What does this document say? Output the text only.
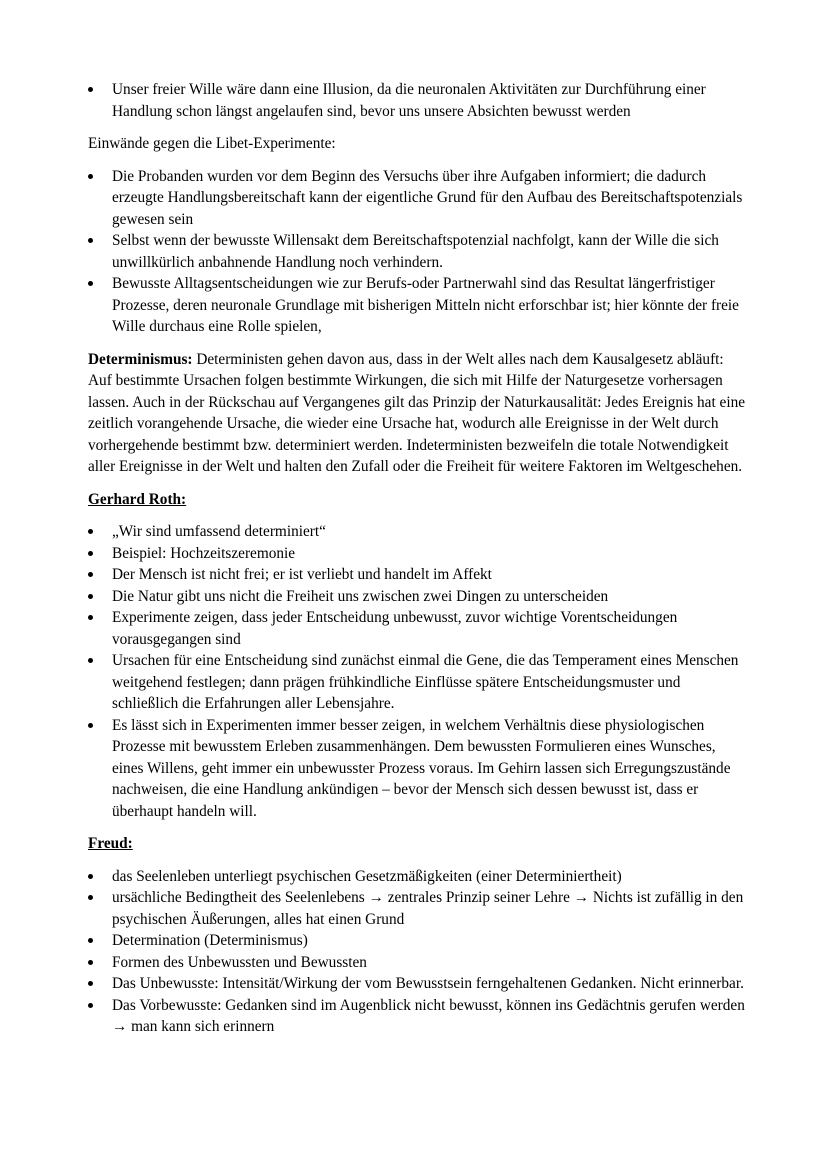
Unser freier Wille wäre dann eine Illusion, da die neuronalen Aktivitäten zur Durchführung einer Handlung schon längst angelaufen sind, bevor uns unsere Absichten bewusst werden

Einwände gegen die Libet-Experimente:

Die Probanden wurden vor dem Beginn des Versuchs über ihre Aufgaben informiert; die dadurch erzeugte Handlungsbereitschaft kann der eigentliche Grund für den Aufbau des Bereitschaftspotenzials gewesen sein
Selbst wenn der bewusste Willensakt dem Bereitschaftspotenzial nachfolgt, kann der Wille die sich unwillkürlich anbahnende Handlung noch verhindern.
Bewusste Alltagsentscheidungen wie zur Berufs-oder Partnerwahl sind das Resultat längerfristiger Prozesse, deren neuronale Grundlage mit bisherigen Mitteln nicht erforschbar ist; hier könnte der freie Wille durchaus eine Rolle spielen,

Determinismus: Deterministen gehen davon aus, dass in der Welt alles nach dem Kausalgesetz abläuft: Auf bestimmte Ursachen folgen bestimmte Wirkungen, die sich mit Hilfe der Naturgesetze vorhersagen lassen. Auch in der Rückschau auf Vergangenes gilt das Prinzip der Naturkausalität: Jedes Ereignis hat eine zeitlich vorangehende Ursache, die wieder eine Ursache hat, wodurch alle Ereignisse in der Welt durch vorhergehende bestimmt bzw. determiniert werden. Indeterministen bezweifeln die totale Notwendigkeit aller Ereignisse in der Welt und halten den Zufall oder die Freiheit für weitere Faktoren im Weltgeschehen.

Gerhard Roth:

„Wir sind umfassend determiniert“
Beispiel: Hochzeitszeremonie
Der Mensch ist nicht frei; er ist verliebt und handelt im Affekt
Die Natur gibt uns nicht die Freiheit uns zwischen zwei Dingen zu unterscheiden
Experimente zeigen, dass jeder Entscheidung unbewusst, zuvor wichtige Vorentscheidungen vorausgegangen sind
Ursachen für eine Entscheidung sind zunächst einmal die Gene, die das Temperament eines Menschen weitgehend festlegen; dann prägen frühkindliche Einflüsse spätere Entscheidungsmuster und schließlich die Erfahrungen aller Lebensjahre.
Es lässt sich in Experimenten immer besser zeigen, in welchem Verhältnis diese physiologischen Prozesse mit bewusstem Erleben zusammenhängen. Dem bewussten Formulieren eines Wunsches, eines Willens, geht immer ein unbewusster Prozess voraus. Im Gehirn lassen sich Erregungszustände nachweisen, die eine Handlung ankündigen – bevor der Mensch sich dessen bewusst ist, dass er überhaupt handeln will.

Freud:

das Seelenleben unterliegt psychischen Gesetzmäßigkeiten (einer Determiniertheit)
ursächliche Bedingtheit des Seelenlebens → zentrales Prinzip seiner Lehre → Nichts ist zufällig in den psychischen Äußerungen, alles hat einen Grund
Determination (Determinismus)
Formen des Unbewussten und Bewussten
Das Unbewusste: Intensität/Wirkung der vom Bewusstsein ferngehaltenen Gedanken. Nicht erinnerbar.
Das Vorbewusste: Gedanken sind im Augenblick nicht bewusst, können ins Gedächtnis gerufen werden → man kann sich erinnern
